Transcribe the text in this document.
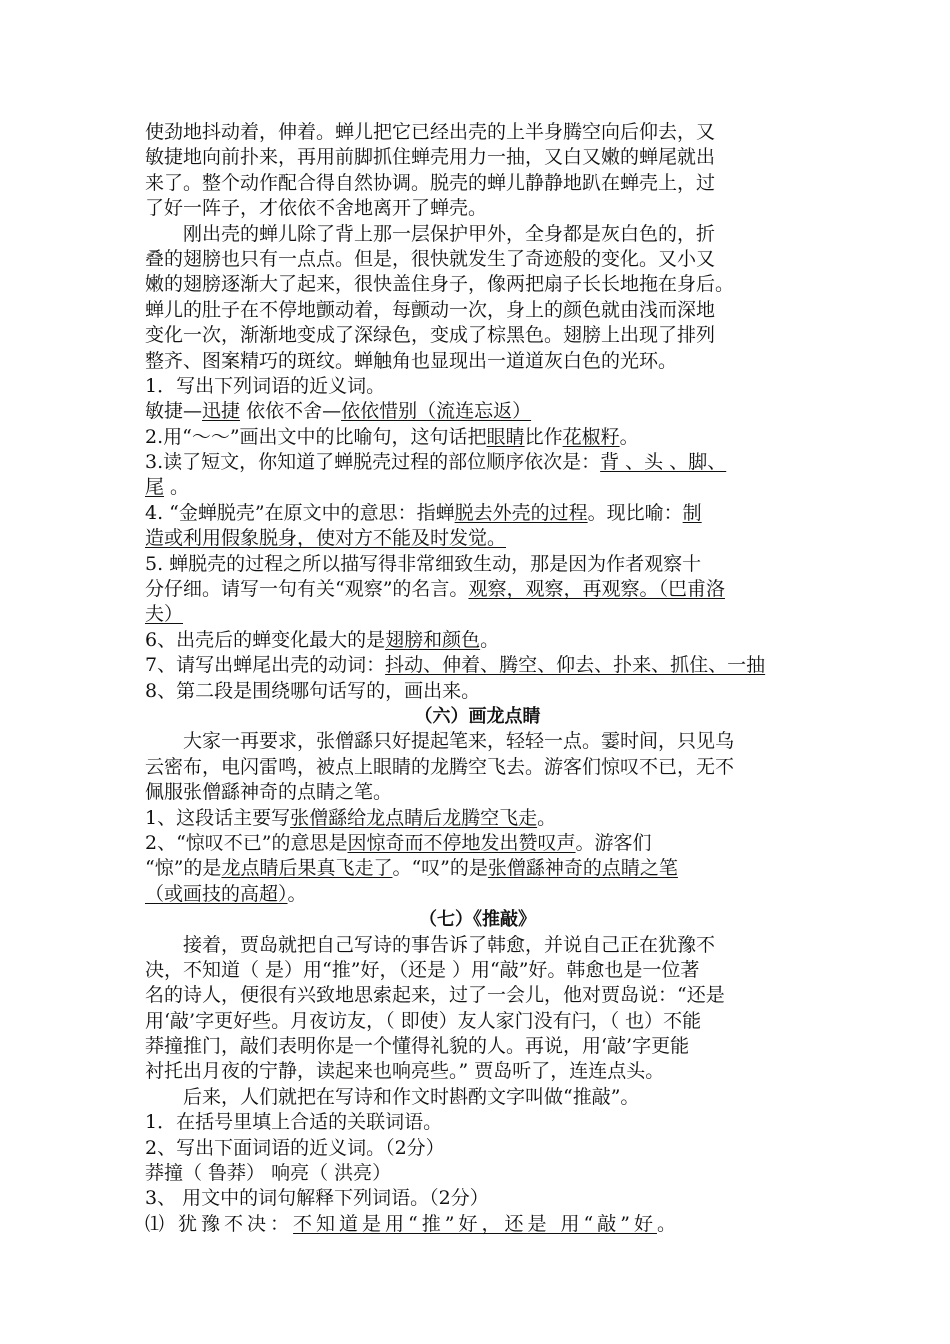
使劲地抖动着，伸着。蝉儿把它已经出壳的上半身腾空向后仰去，又
敏捷地向前扑来，再用前脚抓住蝉壳用力一抽，又白又嫩的蝉尾就出
来了。整个动作配合得自然协调。脱壳的蝉儿静静地趴在蝉壳上，过
了好一阵子，才依依不舍地离开了蝉壳。
刚出壳的蝉儿除了背上那一层保护甲外，全身都是灰白色的，折
叠的翅膀也只有一点点。但是，很快就发生了奇迹般的变化。又小又
嫩的翅膀逐渐大了起来，很快盖住身子，像两把扇子长长地拖在身后。
蝉儿的肚子在不停地颤动着，每颤动一次，身上的颜色就由浅而深地
变化一次，渐渐地变成了深绿色，变成了棕黑色。翅膀上出现了排列
整齐、图案精巧的斑纹。蝉触角也显现出一道道灰白色的光环。
1．写出下列词语的近义词。
敏捷—迅捷 依依不舍—依依惜别（流连忘返）
2.用“～～”画出文中的比喻句，这句话把眼睛比作花椒籽。
3.读了短文，你知道了蝉脱壳过程的部位顺序依次是：背 、头 、脚、
尾 。
4. “金蝉脱壳”在原文中的意思：指蝉脱去外壳的过程。现比喻：制
造或利用假象脱身，使对方不能及时发觉。
5. 蝉脱壳的过程之所以描写得非常细致生动，那是因为作者观察十
分仔细。请写一句有关“观察”的名言。观察，观察，再观察。（巴甫洛
夫）
6、出壳后的蝉变化最大的是翅膀和颜色。
7、请写出蝉尾出壳的动词：抖动、伸着、腾空、仰去、扑来、抓住、一抽
8、第二段是围绕哪句话写的，画出来。
（六）画龙点睛
大家一再要求，张僧繇只好提起笔来，轻轻一点。霎时间，只见乌
云密布，电闪雷鸣，被点上眼睛的龙腾空飞去。游客们惊叹不已，无不
佩服张僧繇神奇的点睛之笔。
1、这段话主要写张僧繇给龙点睛后龙腾空飞走。
2、“惊叹不已”的意思是因惊奇而不停地发出赞叹声。游客们
“惊”的是龙点睛后果真飞走了。“叹”的是张僧繇神奇的点睛之笔
（或画技的高超）。
（七）《推敲》
接着，贾岛就把自己写诗的事告诉了韩愈，并说自己正在犹豫不
决，不知道（ 是）用“推”好，（还是 ）用“敲”好。韩愈也是一位著
名的诗人，便很有兴致地思索起来，过了一会儿，他对贾岛说：“还是
用‘敲’字更好些。月夜访友，（ 即使）友人家门没有闩，（ 也）不能
莽撞推门，敲们表明你是一个懂得礼貌的人。再说，用‘敲’字更能
衬托出月夜的宁静，读起来也响亮些。” 贾岛听了，连连点头。
后来，人们就把在写诗和作文时斟酌文字叫做“推敲”。
1．在括号里填上合适的关联词语。
2、写出下面词语的近义词。（2分）
莽撞（ 鲁莽） 响亮（ 洪亮）
3、 用文中的词句解释下列词语。（2分）
⑴ 犹豫不决：不知道是用“推”好，还是 用“敲”好。
